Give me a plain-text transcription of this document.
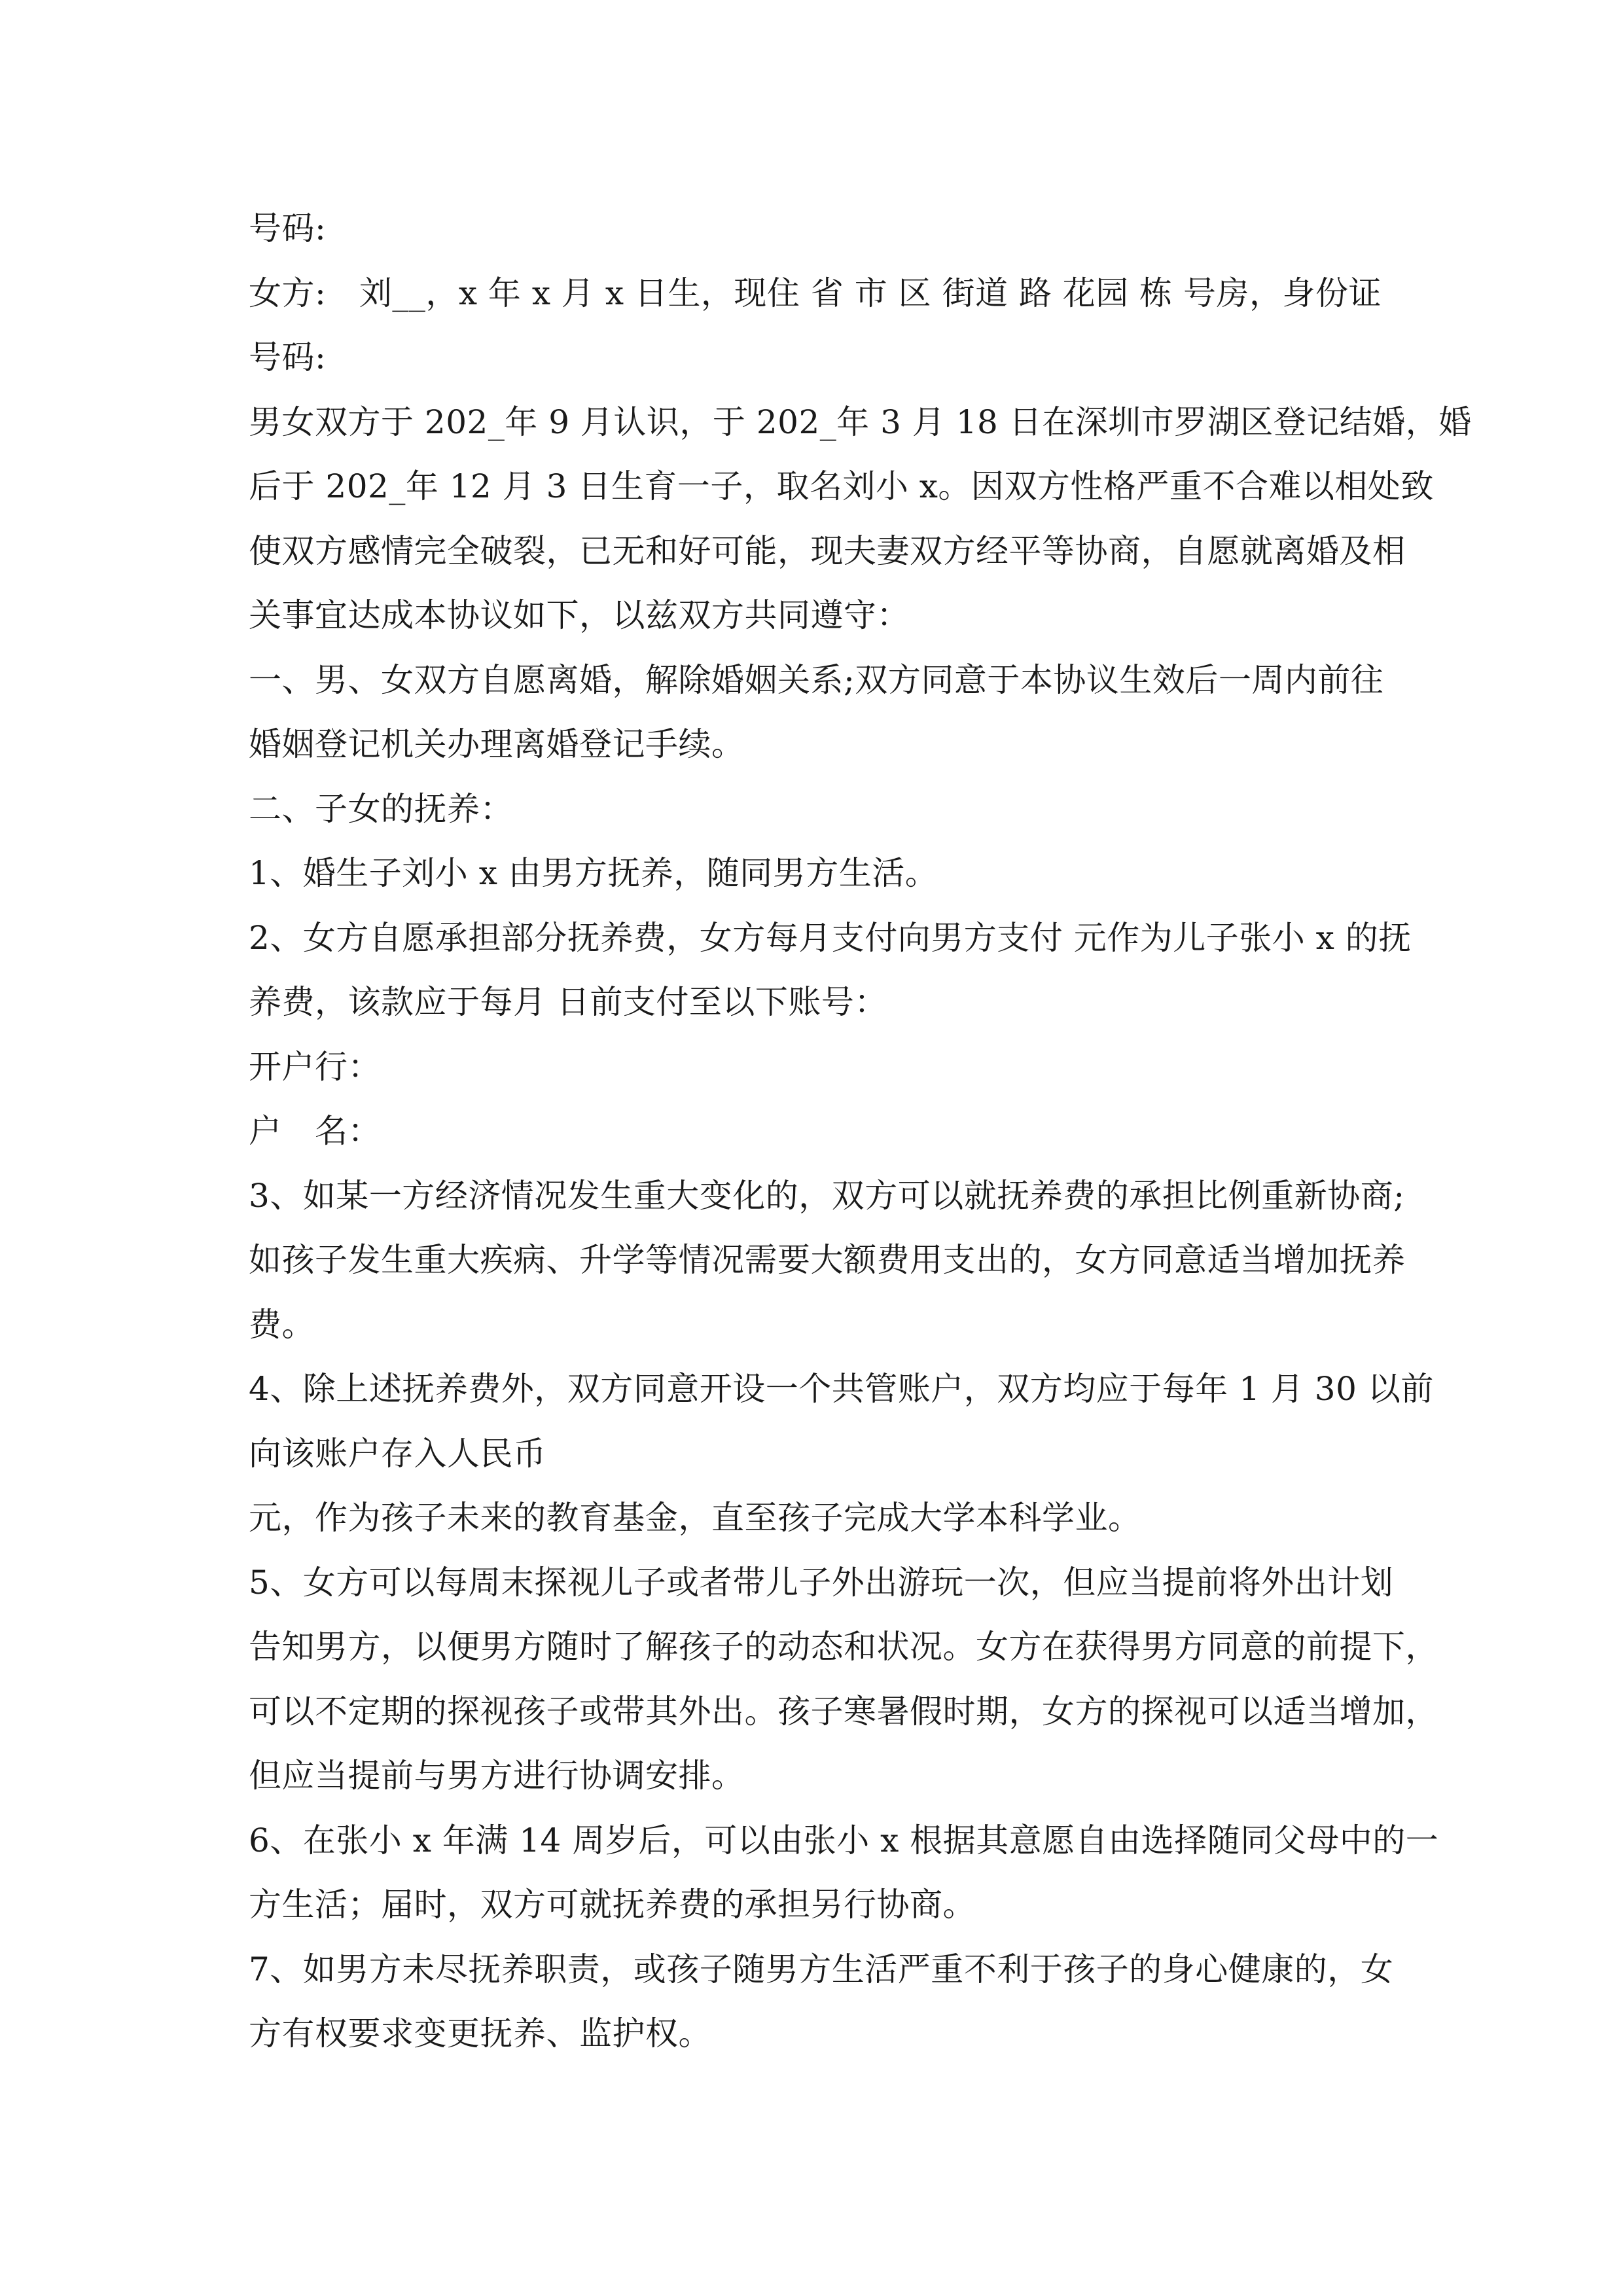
号码:
女方:　刘__，x 年 x 月 x 日生，现住 省 市 区 街道 路 花园 栋 号房，身份证
号码:
男女双方于 202_年 9 月认识，于 202_年 3 月 18 日在深圳市罗湖区登记结婚，婚
后于 202_年 12 月 3 日生育一子，取名刘小 x。因双方性格严重不合难以相处致
使双方感情完全破裂，已无和好可能，现夫妻双方经平等协商，自愿就离婚及相
关事宜达成本协议如下，以兹双方共同遵守：
一、男、女双方自愿离婚，解除婚姻关系;双方同意于本协议生效后一周内前往
婚姻登记机关办理离婚登记手续。
二、子女的抚养：
1、婚生子刘小 x 由男方抚养，随同男方生活。
2、女方自愿承担部分抚养费，女方每月支付向男方支付 元作为儿子张小 x 的抚
养费，该款应于每月 日前支付至以下账号：
开户行：
户　名：
3、如某一方经济情况发生重大变化的，双方可以就抚养费的承担比例重新协商;
如孩子发生重大疾病、升学等情况需要大额费用支出的，女方同意适当增加抚养
费。
4、除上述抚养费外，双方同意开设一个共管账户，双方均应于每年 1 月 30 以前
向该账户存入人民币
元，作为孩子未来的教育基金，直至孩子完成大学本科学业。
5、女方可以每周末探视儿子或者带儿子外出游玩一次，但应当提前将外出计划
告知男方，以便男方随时了解孩子的动态和状况。女方在获得男方同意的前提下，
可以不定期的探视孩子或带其外出。孩子寒暑假时期，女方的探视可以适当增加，
但应当提前与男方进行协调安排。
6、在张小 x 年满 14 周岁后，可以由张小 x 根据其意愿自由选择随同父母中的一
方生活；届时，双方可就抚养费的承担另行协商。
7、如男方未尽抚养职责，或孩子随男方生活严重不利于孩子的身心健康的，女
方有权要求变更抚养、监护权。
